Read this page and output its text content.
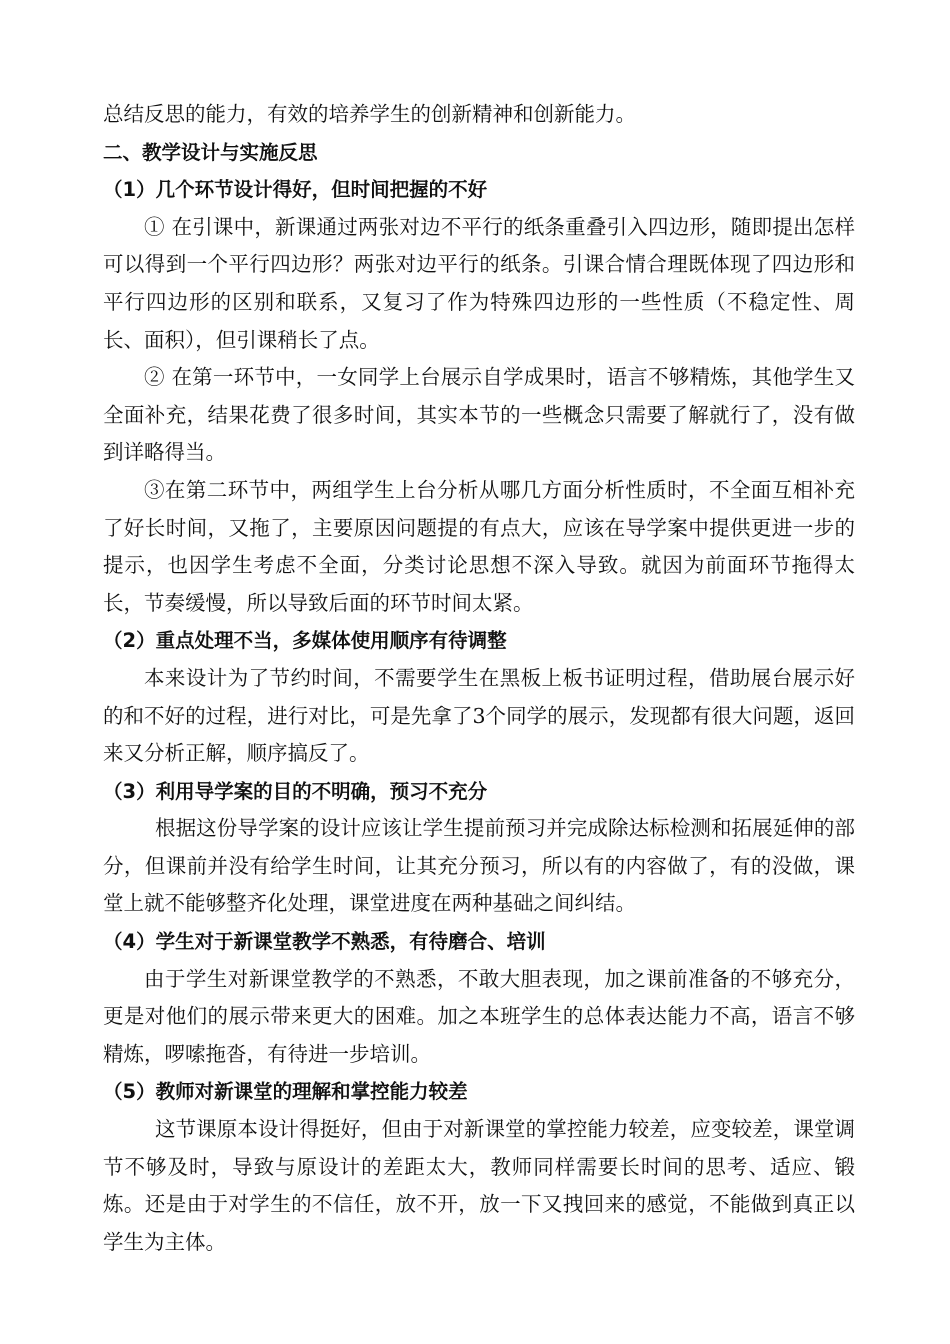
总结反思的能力，有效的培养学生的创新精神和创新能力。

二、教学设计与实施反思

（1）几个环节设计得好，但时间把握的不好

① 在引课中，新课通过两张对边不平行的纸条重叠引入四边形，随即提出怎样可以得到一个平行四边形？两张对边平行的纸条。引课合情合理既体现了四边形和平行四边形的区别和联系，又复习了作为特殊四边形的一些性质（不稳定性、周长、面积），但引课稍长了点。

② 在第一环节中，一女同学上台展示自学成果时，语言不够精炼，其他学生又全面补充，结果花费了很多时间，其实本节的一些概念只需要了解就行了，没有做到详略得当。

③在第二环节中，两组学生上台分析从哪几方面分析性质时，不全面互相补充了好长时间，又拖了，主要原因问题提的有点大，应该在导学案中提供更进一步的提示，也因学生考虑不全面，分类讨论思想不深入导致。就因为前面环节拖得太长，节奏缓慢，所以导致后面的环节时间太紧。

（2）重点处理不当，多媒体使用顺序有待调整

本来设计为了节约时间，不需要学生在黑板上板书证明过程，借助展台展示好的和不好的过程，进行对比，可是先拿了3个同学的展示，发现都有很大问题，返回来又分析正解，顺序搞反了。

（3）利用导学案的目的不明确，预习不充分

根据这份导学案的设计应该让学生提前预习并完成除达标检测和拓展延伸的部分，但课前并没有给学生时间，让其充分预习，所以有的内容做了，有的没做，课堂上就不能够整齐化处理，课堂进度在两种基础之间纠结。

（4）学生对于新课堂教学不熟悉，有待磨合、培训

由于学生对新课堂教学的不熟悉，不敢大胆表现，加之课前准备的不够充分，更是对他们的展示带来更大的困难。加之本班学生的总体表达能力不高，语言不够精炼，啰嗦拖沓，有待进一步培训。

（5）教师对新课堂的理解和掌控能力较差

这节课原本设计得挺好，但由于对新课堂的掌控能力较差，应变较差，课堂调节不够及时，导致与原设计的差距太大，教师同样需要长时间的思考、适应、锻炼。还是由于对学生的不信任，放不开，放一下又拽回来的感觉，不能做到真正以学生为主体。
